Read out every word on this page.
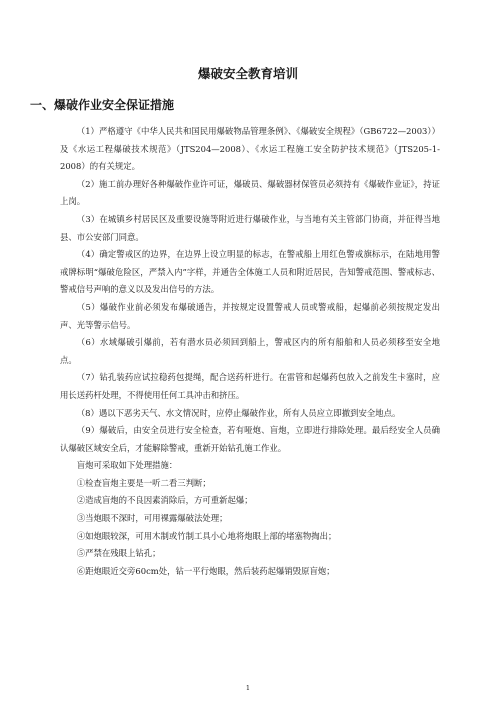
爆破安全教育培训
一、爆破作业安全保证措施

（1）严格遵守《中华人民共和国民用爆破物品管理条例》、《爆破安全规程》（GB6722—2003））及《水运工程爆破技术规范》（JTS204—2008）、《水运工程施工安全防护技术规范》（JTS205-1-2008）的有关规定。

（2）施工前办理好各种爆破作业许可证，爆破员、爆破器材保管员必须持有《爆破作业证》，持证上岗。

（3）在城镇乡村居民区及重要设施等附近进行爆破作业，与当地有关主管部门协商，并征得当地县、市公安部门同意。

（4）确定警戒区的边界，在边界上设立明显的标志，在警戒船上用红色警戒旗标示，在陆地用警戒牌标明“爆破危险区，严禁入内”字样，并通告全体施工人员和附近居民，告知警戒范围、警戒标志、警戒信号声响的意义以及发出信号的方法。

（5）爆破作业前必须发布爆破通告，并按规定设置警戒人员或警戒船，起爆前必须按规定发出声、光等警示信号。

（6）水域爆破引爆前，若有潜水员必须回到船上，警戒区内的所有船舶和人员必须移至安全地点。

（7）钻孔装药应试拉稳药包提绳，配合送药杆进行。在雷管和起爆药包放入之前发生卡塞时，应用长送药杆处理，不得使用任何工具冲击和挤压。

（8）遇以下恶劣天气、水文情况时，应停止爆破作业，所有人员应立即撤到安全地点。

（9）爆破后，由安全员进行安全检查，若有哑炮、盲炮，立即进行排除处理。最后经安全人员确认爆破区域安全后，才能解除警戒，重新开始钻孔施工作业。

盲炮可采取如下处理措施：

①检查盲炮主要是一听二看三判断；

②造成盲炮的不良因素消除后，方可重新起爆；

③当炮眼不深时，可用裸露爆破法处理；

④如炮眼较深，可用木制或竹制工具小心地将炮眼上部的堵塞物掏出；

⑤严禁在残眼上钻孔；

⑥距炮眼近交旁60cm处，钻一平行炮眼，然后装药起爆销毁原盲炮；

1
